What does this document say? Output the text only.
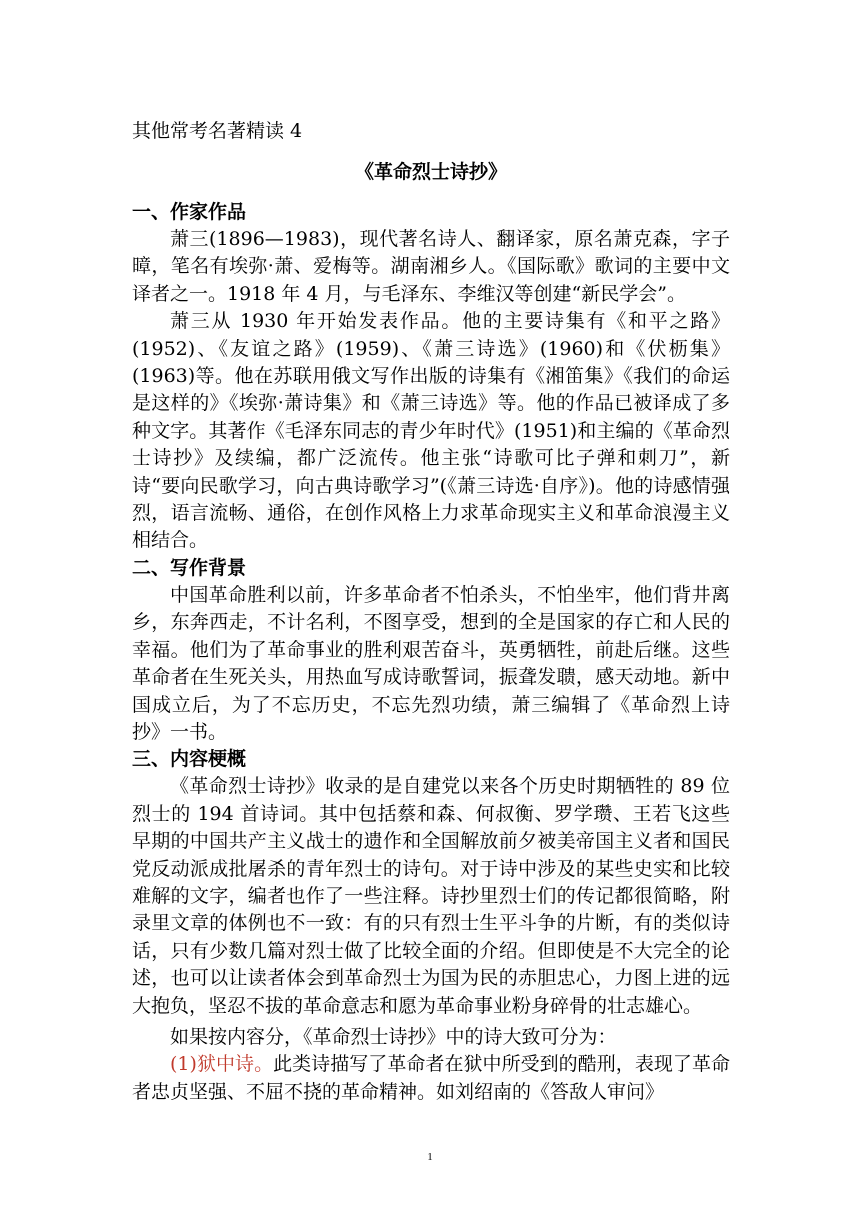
其他常考名著精读 4
《革命烈士诗抄》
一、作家作品

萧三(1896—1983)，现代著名诗人、翻译家，原名萧克森，字子暲，笔名有埃弥·萧、爱梅等。湖南湘乡人。《国际歌》歌词的主要中文译者之一。1918 年 4 月，与毛泽东、李维汉等创建“新民学会”。

萧三从 1930 年开始发表作品。他的主要诗集有《和平之路》(1952)、《友谊之路》(1959)、《萧三诗选》(1960)和《伏枥集》(1963)等。他在苏联用俄文写作出版的诗集有《湘笛集》《我们的命运是这样的》《埃弥·萧诗集》和《萧三诗选》等。他的作品已被译成了多种文字。其著作《毛泽东同志的青少年时代》(1951)和主编的《革命烈士诗抄》及续编，都广泛流传。他主张“诗歌可比子弹和刺刀”，新诗“要向民歌学习，向古典诗歌学习”(《萧三诗选·自序》)。他的诗感情强烈，语言流畅、通俗，在创作风格上力求革命现实主义和革命浪漫主义相结合。

二、写作背景

中国革命胜利以前，许多革命者不怕杀头，不怕坐牢，他们背井离乡，东奔西走，不计名利，不图享受，想到的全是国家的存亡和人民的幸福。他们为了革命事业的胜利艰苦奋斗，英勇牺牲，前赴后继。这些革命者在生死关头，用热血写成诗歌誓词，振聋发聩，感天动地。新中国成立后，为了不忘历史，不忘先烈功绩，萧三编辑了《革命烈上诗抄》一书。

三、内容梗概

《革命烈士诗抄》收录的是自建党以来各个历史时期牺牲的 89 位烈士的 194 首诗词。其中包括蔡和森、何叔衡、罗学瓒、王若飞这些早期的中国共产主义战士的遗作和全国解放前夕被美帝国主义者和国民党反动派成批屠杀的青年烈士的诗句。对于诗中涉及的某些史实和比较难解的文字，编者也作了一些注释。诗抄里烈士们的传记都很简略，附录里文章的体例也不一致：有的只有烈士生平斗争的片断，有的类似诗话，只有少数几篇对烈士做了比较全面的介绍。但即使是不大完全的论述，也可以让读者体会到革命烈士为国为民的赤胆忠心，力图上进的远大抱负，坚忍不拔的革命意志和愿为革命事业粉身碎骨的壮志雄心。

如果按内容分，《革命烈士诗抄》中的诗大致可分为：

(1)狱中诗。此类诗描写了革命者在狱中所受到的酷刑，表现了革命者忠贞坚强、不屈不挠的革命精神。如刘绍南的《答敌人审问》

1
